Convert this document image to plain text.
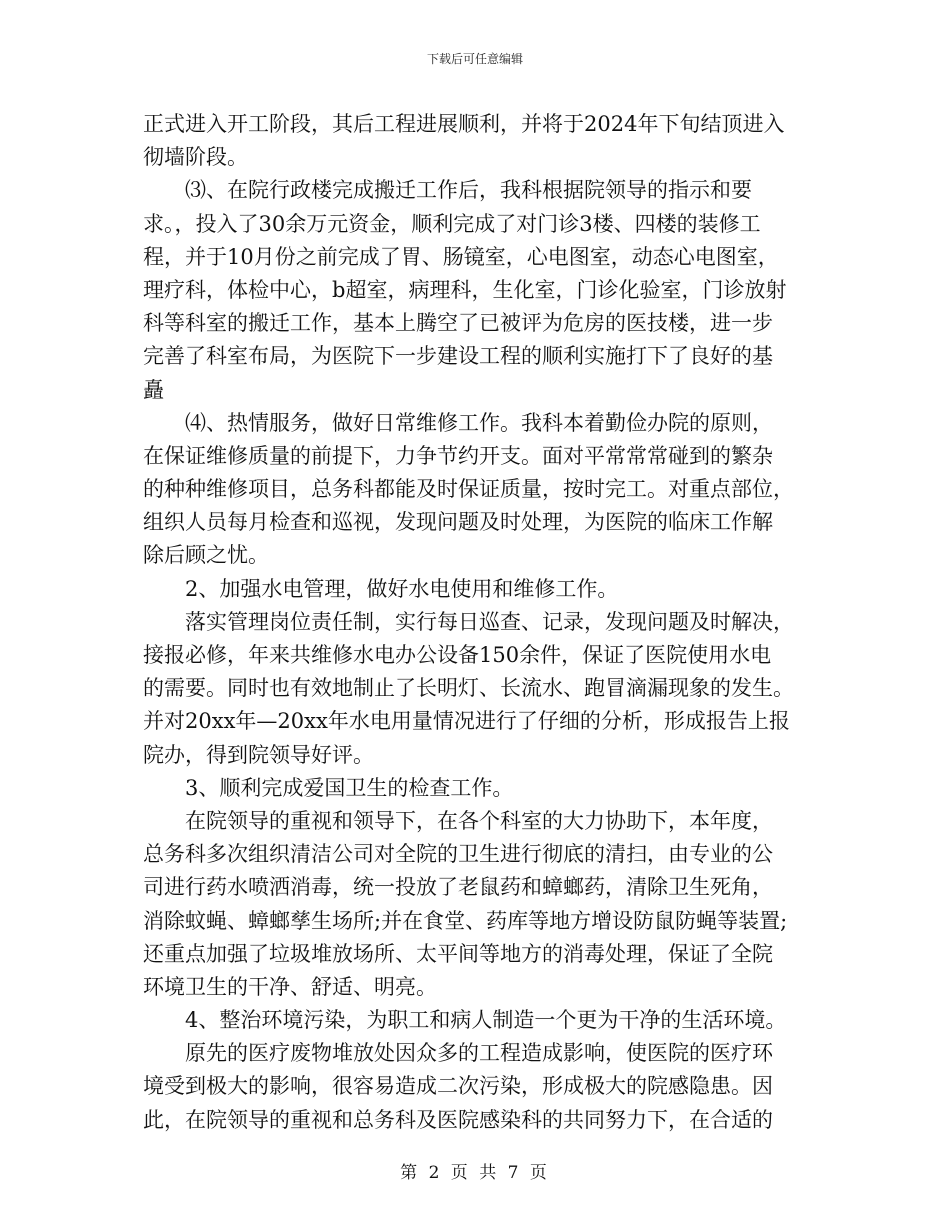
下载后可任意编辑
正式进入开工阶段，其后工程进展顺利，并将于2024年下旬结顶进入
彻墙阶段。
⑶、在院行政楼完成搬迁工作后，我科根据院领导的指示和要
求。，投入了30余万元资金，顺利完成了对门诊3楼、四楼的装修工
程，并于10月份之前完成了胃、肠镜室，心电图室，动态心电图室，
理疗科，体检中心，b超室，病理科，生化室，门诊化验室，门诊放射
科等科室的搬迁工作，基本上腾空了已被评为危房的医技楼，进一步
完善了科室布局，为医院下一步建设工程的顺利实施打下了良好的基
矗
⑷、热情服务，做好日常维修工作。我科本着勤俭办院的原则，
在保证维修质量的前提下，力争节约开支。面对平常常常碰到的繁杂
的种种维修项目，总务科都能及时保证质量，按时完工。对重点部位，
组织人员每月检查和巡视，发现问题及时处理，为医院的临床工作解
除后顾之忧。
2、加强水电管理，做好水电使用和维修工作。
落实管理岗位责任制，实行每日巡查、记录，发现问题及时解决，
接报必修，年来共维修水电办公设备150余件，保证了医院使用水电
的需要。同时也有效地制止了长明灯、长流水、跑冒滴漏现象的发生。
并对20xx年—20xx年水电用量情况进行了仔细的分析，形成报告上报
院办，得到院领导好评。
3、顺利完成爱国卫生的检查工作。
在院领导的重视和领导下，在各个科室的大力协助下，本年度，
总务科多次组织清洁公司对全院的卫生进行彻底的清扫，由专业的公
司进行药水喷洒消毒，统一投放了老鼠药和蟑螂药，清除卫生死角，
消除蚊蝇、蟑螂孳生场所;并在食堂、药库等地方增设防鼠防蝇等装置;
还重点加强了垃圾堆放场所、太平间等地方的消毒处理，保证了全院
环境卫生的干净、舒适、明亮。
4、整治环境污染，为职工和病人制造一个更为干净的生活环境。
原先的医疗废物堆放处因众多的工程造成影响，使医院的医疗环
境受到极大的影响，很容易造成二次污染，形成极大的院感隐患。因
此，在院领导的重视和总务科及医院感染科的共同努力下，在合适的
第 2 页 共 7 页
